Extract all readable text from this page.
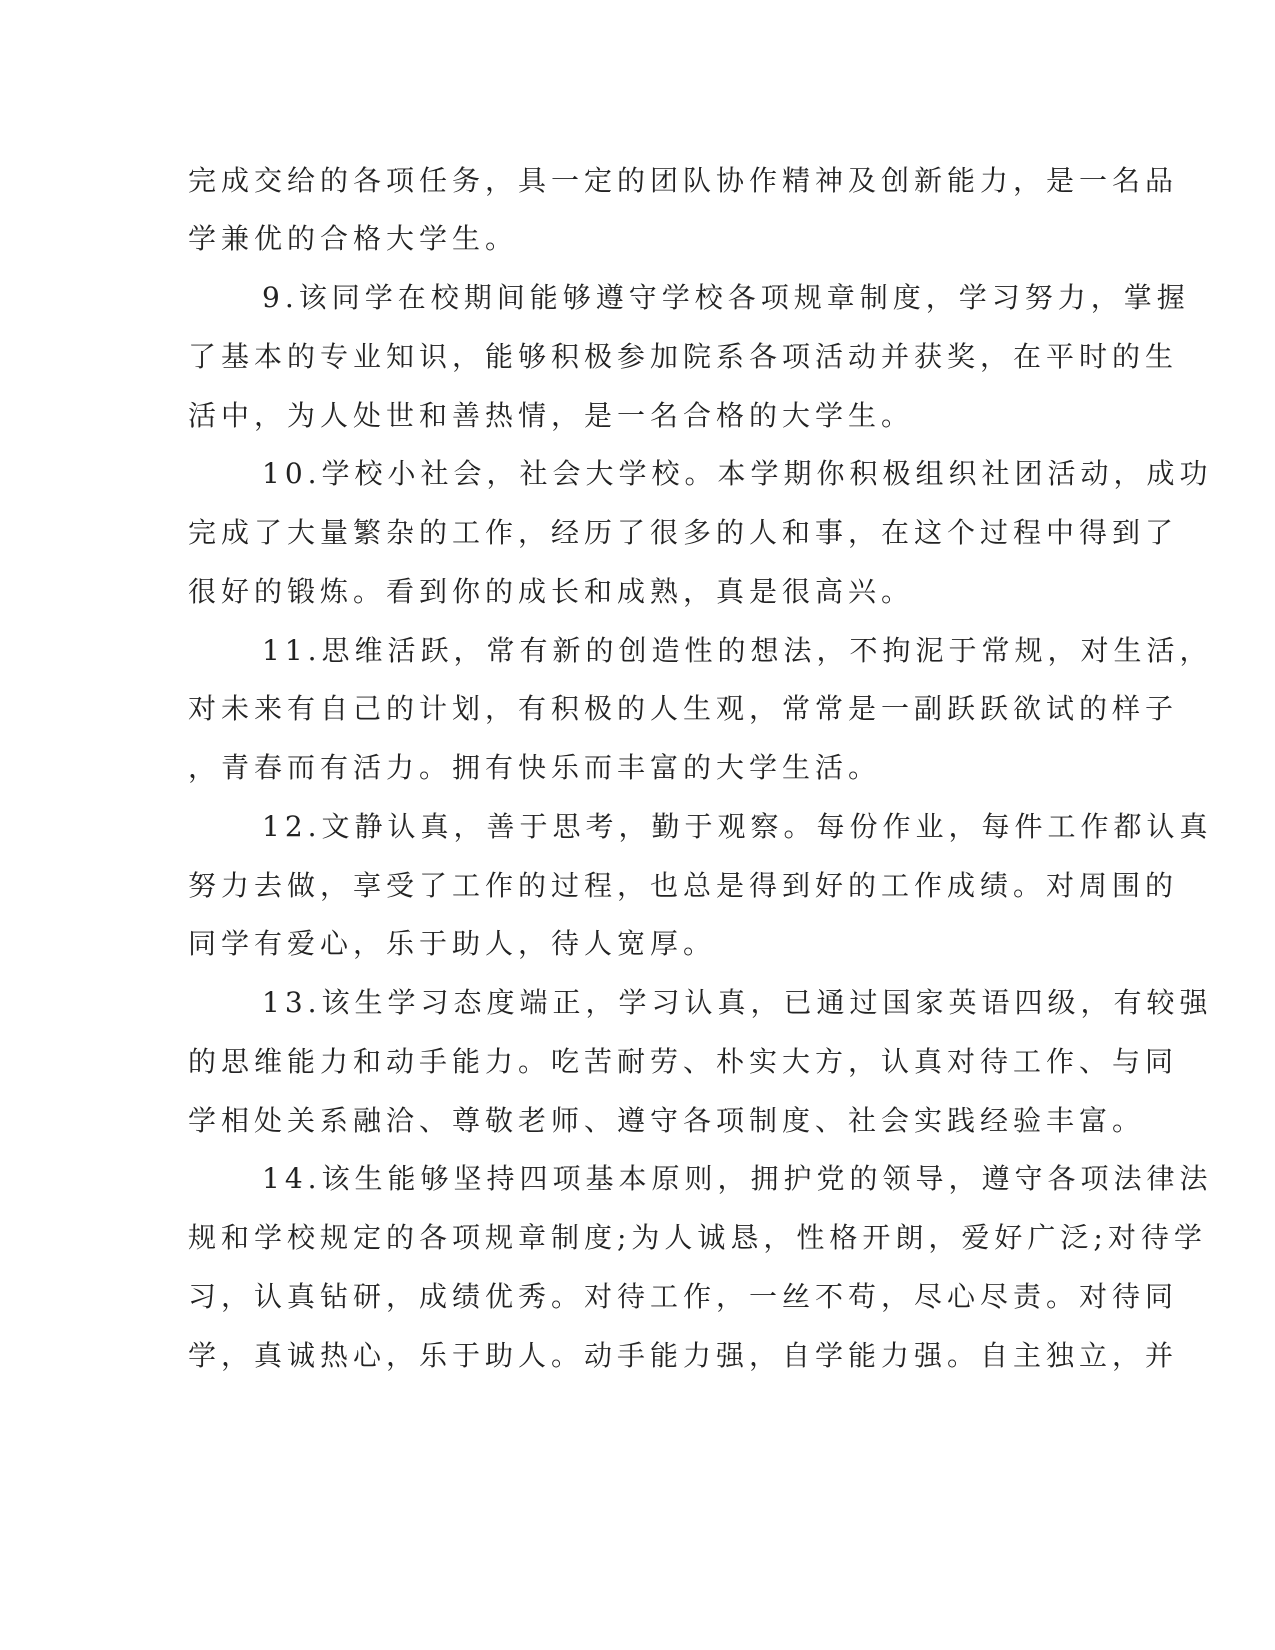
完成交给的各项任务，具一定的团队协作精神及创新能力，是一名品

学兼优的合格大学生。

9.该同学在校期间能够遵守学校各项规章制度，学习努力，掌握

了基本的专业知识，能够积极参加院系各项活动并获奖，在平时的生

活中，为人处世和善热情，是一名合格的大学生。

10.学校小社会，社会大学校。本学期你积极组织社团活动，成功

完成了大量繁杂的工作，经历了很多的人和事，在这个过程中得到了

很好的锻炼。看到你的成长和成熟，真是很高兴。

11.思维活跃，常有新的创造性的想法，不拘泥于常规，对生活，

对未来有自己的计划，有积极的人生观，常常是一副跃跃欲试的样子

，青春而有活力。拥有快乐而丰富的大学生活。

12.文静认真，善于思考，勤于观察。每份作业，每件工作都认真

努力去做，享受了工作的过程，也总是得到好的工作成绩。对周围的

同学有爱心，乐于助人，待人宽厚。

13.该生学习态度端正，学习认真，已通过国家英语四级，有较强

的思维能力和动手能力。吃苦耐劳、朴实大方，认真对待工作、与同

学相处关系融洽、尊敬老师、遵守各项制度、社会实践经验丰富。

14.该生能够坚持四项基本原则，拥护党的领导，遵守各项法律法

规和学校规定的各项规章制度;为人诚恳，性格开朗，爱好广泛;对待学

习，认真钻研，成绩优秀。对待工作，一丝不苟，尽心尽责。对待同

学，真诚热心，乐于助人。动手能力强，自学能力强。自主独立，并
